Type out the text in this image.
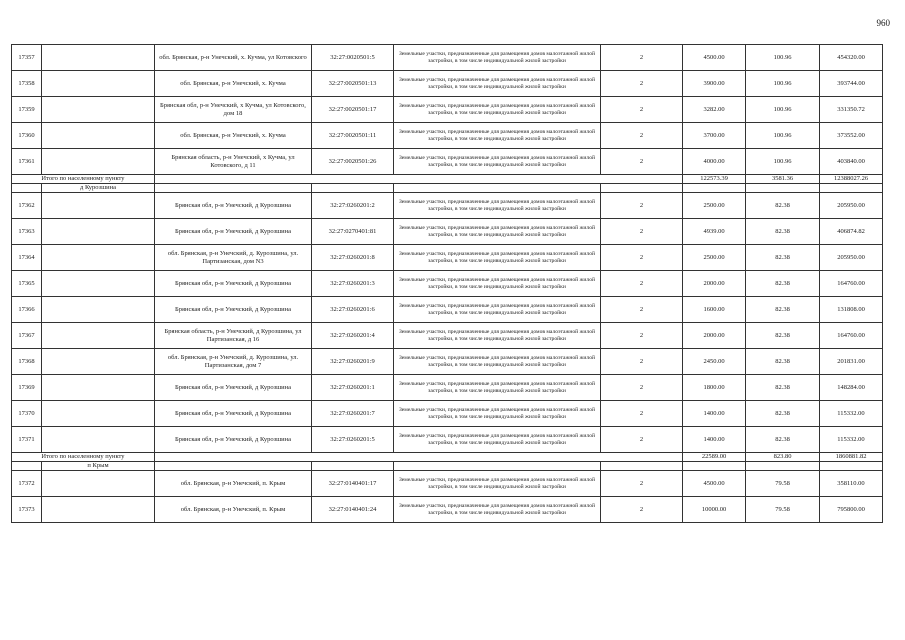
960
17357		обл. Брянская, р-н Унечский, х. Кучма, ул Котовского	32:27:0020501:5	Земельные участки, предназначенные для размещения домов малоэтажной жилой застройки, в том числе индивидуальной жилой застройки	2	4500.00	100.96	454320.00
17358		обл. Брянская, р-н Унечский, х. Кучма	32:27:0020501:13	Земельные участки, предназначенные для размещения домов малоэтажной жилой застройки, в том числе индивидуальной жилой застройки	2	3900.00	100.96	393744.00
17359		Брянская обл, р-н Унечский, х Кучма, ул Котовского, дом 18	32:27:0020501:17	Земельные участки, предназначенные для размещения домов малоэтажной жилой застройки, в том числе индивидуальной жилой застройки	2	3282.00	100.96	331350.72
17360		обл. Брянская, р-н Унечский, х. Кучма	32:27:0020501:11	Земельные участки, предназначенные для размещения домов малоэтажной жилой застройки, в том числе индивидуальной жилой застройки	2	3700.00	100.96	373552.00
17361		Брянская область, р-н Унечский, х Кучма, ул Котовского, д 11	32:27:0020501:26	Земельные участки, предназначенные для размещения домов малоэтажной жилой застройки, в том числе индивидуальной жилой застройки	2	4000.00	100.96	403840.00
Итого по населенному пункту						122573.39	3581.36	12388027.26
	д Курозшина							
17362		Брянская обл, р-н Унечский, д Курозшина	32:27:0260201:2	Земельные участки, предназначенные для размещения домов малоэтажной жилой застройки, в том числе индивидуальной жилой застройки	2	2500.00	82.38	205950.00
17363		Брянская обл, р-н Унечский, д Курозшина	32:27:0270401:81	Земельные участки, предназначенные для размещения домов малоэтажной жилой застройки, в том числе индивидуальной жилой застройки	2	4939.00	82.38	406874.82
17364		обл. Брянская, р-н Унечский, д. Курозшина, ул. Партизанская, дом N3	32:27:0260201:8	Земельные участки, предназначенные для размещения домов малоэтажной жилой застройки, в том числе индивидуальной жилой застройки	2	2500.00	82.38	205950.00
17365		Брянская обл, р-н Унечский, д Курозшина	32:27:0260201:3	Земельные участки, предназначенные для размещения домов малоэтажной жилой застройки, в том числе индивидуальной жилой застройки	2	2000.00	82.38	164760.00
17366		Брянская обл, р-н Унечский, д Курозшина	32:27:0260201:6	Земельные участки, предназначенные для размещения домов малоэтажной жилой застройки, в том числе индивидуальной жилой застройки	2	1600.00	82.38	131808.00
17367		Брянская область, р-н Унечский, д Курозшина, ул Партизанская, д 16	32:27:0260201:4	Земельные участки, предназначенные для размещения домов малоэтажной жилой застройки, в том числе индивидуальной жилой застройки	2	2000.00	82.38	164760.00
17368		обл. Брянская, р-н Унечский, д. Курозшина, ул. Партизанская, дом 7	32:27:0260201:9	Земельные участки, предназначенные для размещения домов малоэтажной жилой застройки, в том числе индивидуальной жилой застройки	2	2450.00	82.38	201831.00
17369		Брянская обл, р-н Унечский, д Курозшина	32:27:0260201:1	Земельные участки, предназначенные для размещения домов малоэтажной жилой застройки, в том числе индивидуальной жилой застройки	2	1800.00	82.38	148284.00
17370		Брянская обл, р-н Унечский, д Курозшина	32:27:0260201:7	Земельные участки, предназначенные для размещения домов малоэтажной жилой застройки, в том числе индивидуальной жилой застройки	2	1400.00	82.38	115332.00
17371		Брянская обл, р-н Унечский, д Курозшина	32:27:0260201:5	Земельные участки, предназначенные для размещения домов малоэтажной жилой застройки, в том числе индивидуальной жилой застройки	2	1400.00	82.38	115332.00
Итого по населенному пункту						22589.00	823.80	1860881.82
	п Крым							
17372		обл. Брянская, р-н Унечский, п. Крым	32:27:0140401:17	Земельные участки, предназначенные для размещения домов малоэтажной жилой застройки, в том числе индивидуальной жилой застройки	2	4500.00	79.58	358110.00
17373		обл. Брянская, р-н Унечский, п. Крым	32:27:0140401:24	Земельные участки, предназначенные для размещения домов малоэтажной жилой застройки, в том числе индивидуальной жилой застройки	2	10000.00	79.58	795800.00
